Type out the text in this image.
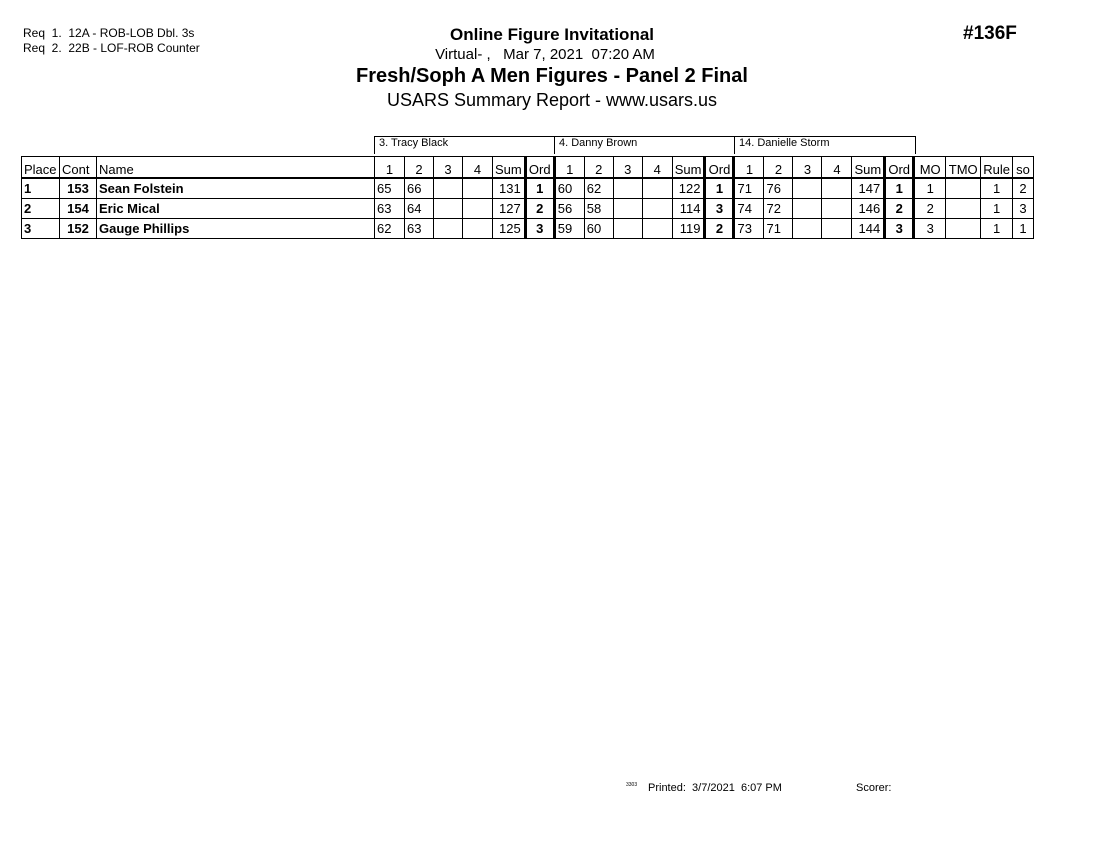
Req  1.  12A - ROB-LOB Dbl. 3s
Req  2.  22B - LOF-ROB Counter
Online Figure Invitational
Virtual- ,   Mar 7, 2021  07:20 AM
Fresh/Soph A Men Figures - Panel 2 Final
USARS Summary Report - www.usars.us
#136F
3. Tracy Black	4. Danny Brown	14. Danielle Storm
Place	Cont	Name	1	2	3	4	Sum	Ord	1	2	3	4	Sum	Ord	1	2	3	4	Sum	Ord	MO	TMO	Rule	so
1	153	Sean Folstein	65	66			131	1	60	62			122	1	71	76			147	1	1		1	2
2	154	Eric Mical	63	64			127	2	56	58			114	3	74	72			146	2	2		1	3
3	152	Gauge Phillips	62	63			125	3	59	60			119	2	73	71			144	3	3		1	1
3303 Printed:  3/7/2021  6:07 PM	Scorer:
